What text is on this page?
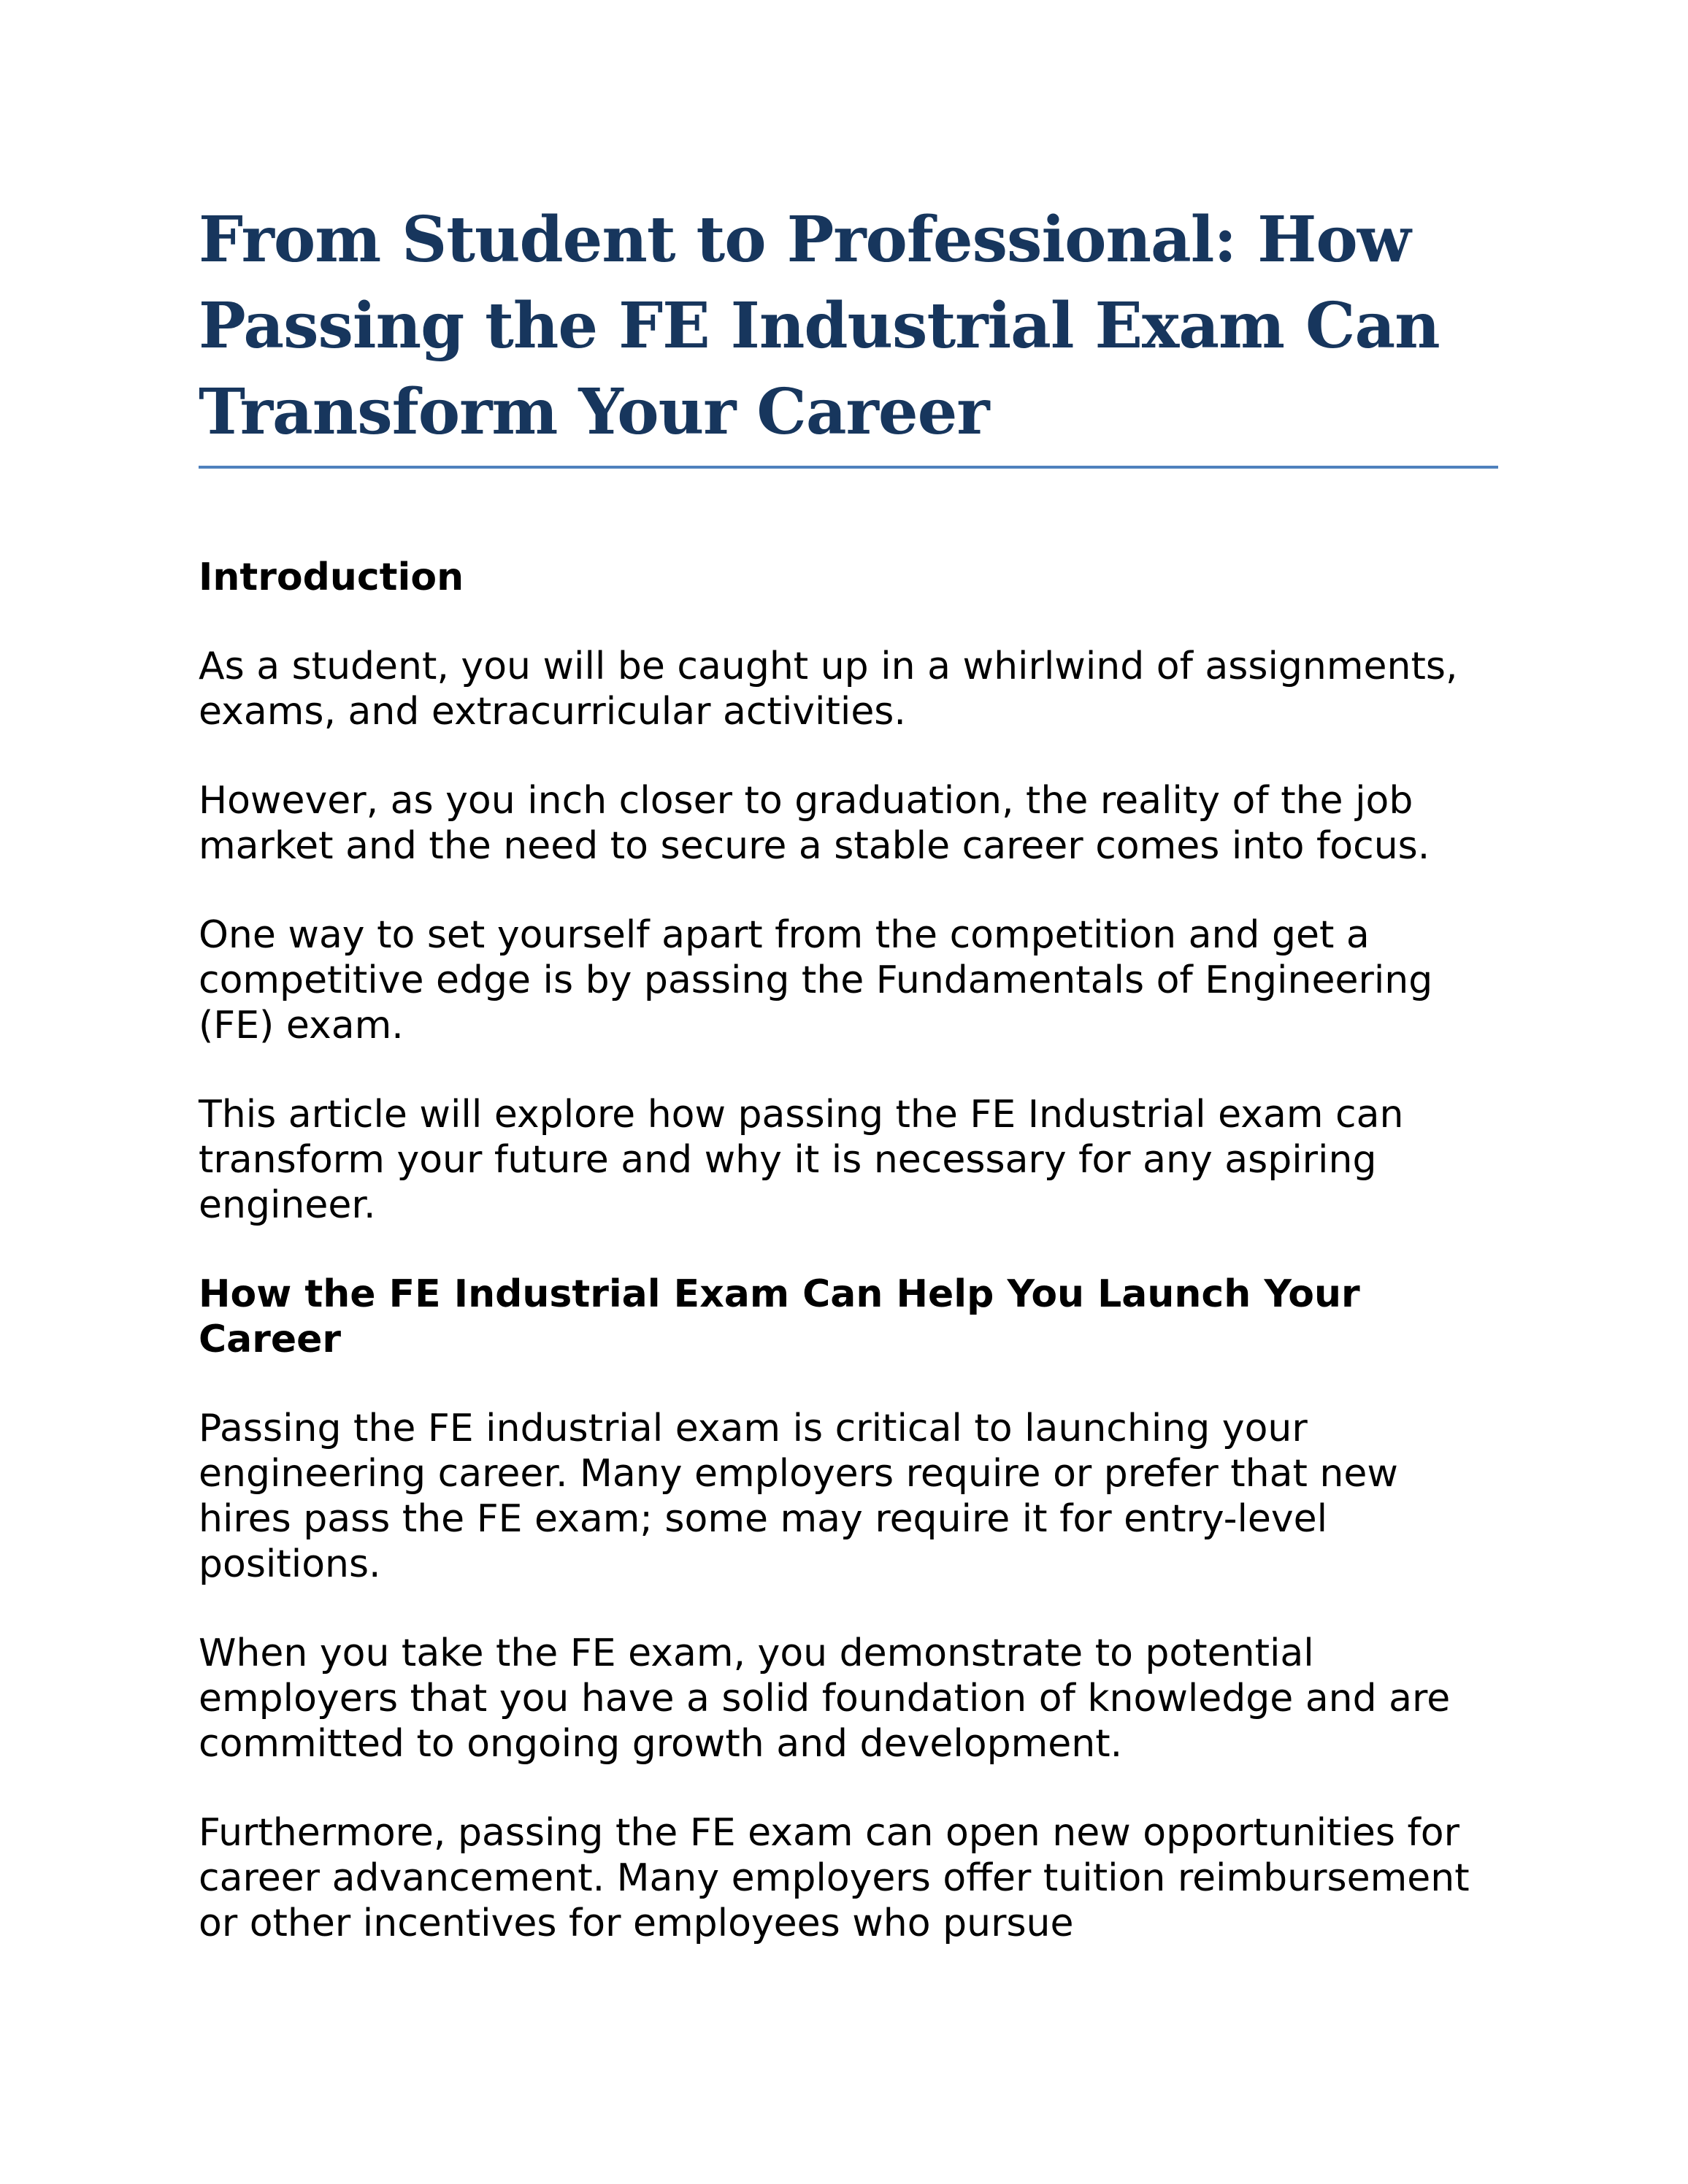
From Student to Professional: How Passing the FE Industrial Exam Can Transform Your Career
Introduction

As a student, you will be caught up in a whirlwind of assignments, exams, and extracurricular activities.

However, as you inch closer to graduation, the reality of the job market and the need to secure a stable career comes into focus.

One way to set yourself apart from the competition and get a competitive edge is by passing the Fundamentals of Engineering (FE) exam.

This article will explore how passing the FE Industrial exam can transform your future and why it is necessary for any aspiring engineer.

How the FE Industrial Exam Can Help You Launch Your Career

Passing the FE industrial exam is critical to launching your engineering career. Many employers require or prefer that new hires pass the FE exam; some may require it for entry-level positions.

When you take the FE exam, you demonstrate to potential employers that you have a solid foundation of knowledge and are committed to ongoing growth and development.

Furthermore, passing the FE exam can open new opportunities for career advancement. Many employers offer tuition reimbursement or other incentives for employees who pursue
